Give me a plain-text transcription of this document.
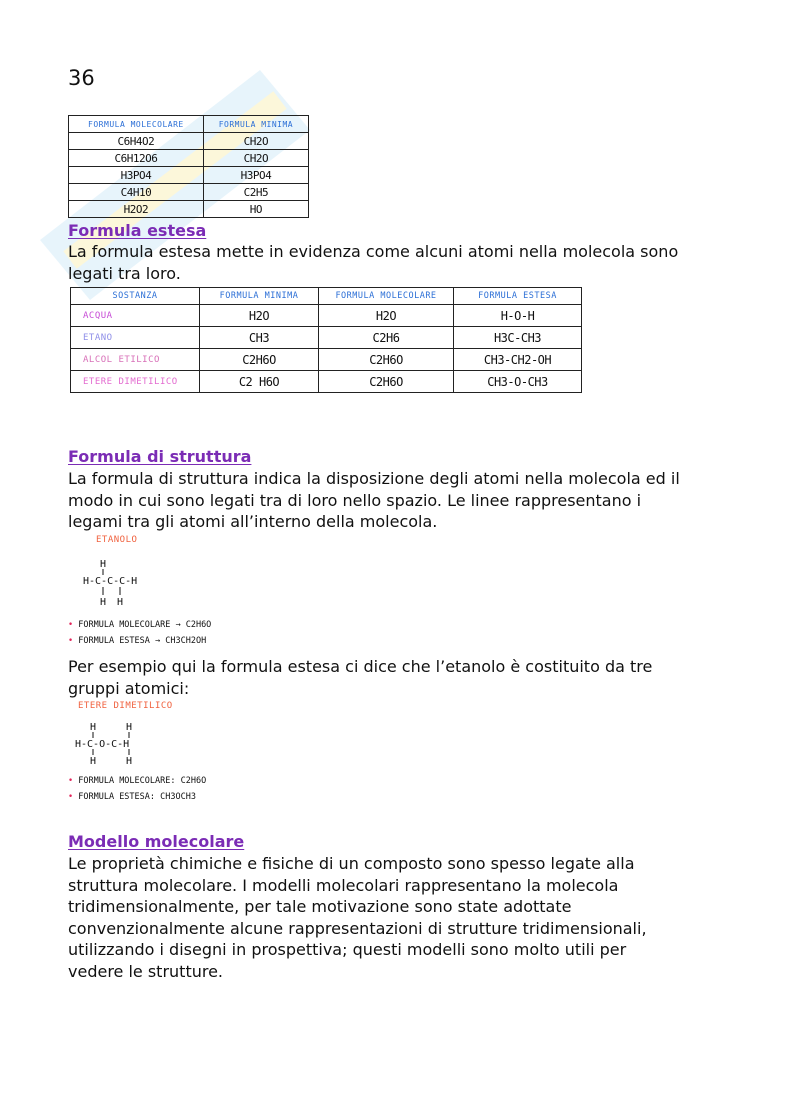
36
FORMULA MOLECOLARE	FORMULA MINIMA
C6H4O2	CH2O
C6H12O6	CH2O
H3PO4	H3PO4
C4H10	C2H5
H2O2	HO
Formula estesa
La formula estesa mette in evidenza come alcuni atomi nella molecola sono
legati tra loro.
SOSTANZA	FORMULA MINIMA	FORMULA MOLECOLARE	FORMULA ESTESA
ACQUA	H2O	H2O	H-O-H
ETANO	CH3	C2H6	H3C-CH3
ALCOL ETILICO	C2H6O	C2H6O	CH3-CH2-OH
ETERE DIMETILICO	C2 H6O	C2H6O	CH3-O-CH3
Formula di struttura
La formula di struttura indica la disposizione degli atomi nella molecola ed il
modo in cui sono legati tra di loro nello spazio. Le linee rappresentano i
legami tra gli atomi all’interno della molecola.
ETANOLO
H
H-C-C-C-H
H H
• FORMULA MOLECOLARE → C2H6O
• FORMULA ESTESA → CH3CH2OH
Per esempio qui la formula estesa ci dice che l’etanolo è costituito da tre
gruppi atomici:
ETERE DIMETILICO
H	H
H-C-O-C-H
H	H
• FORMULA MOLECOLARE: C2H6O
• FORMULA ESTESA: CH3OCH3
Modello molecolare
Le proprietà chimiche e fisiche di un composto sono spesso legate alla
struttura molecolare. I modelli molecolari rappresentano la molecola
tridimensionalmente, per tale motivazione sono state adottate
convenzionalmente alcune rappresentazioni di strutture tridimensionali,
utilizzando i disegni in prospettiva; questi modelli sono molto utili per
vedere le strutture.
